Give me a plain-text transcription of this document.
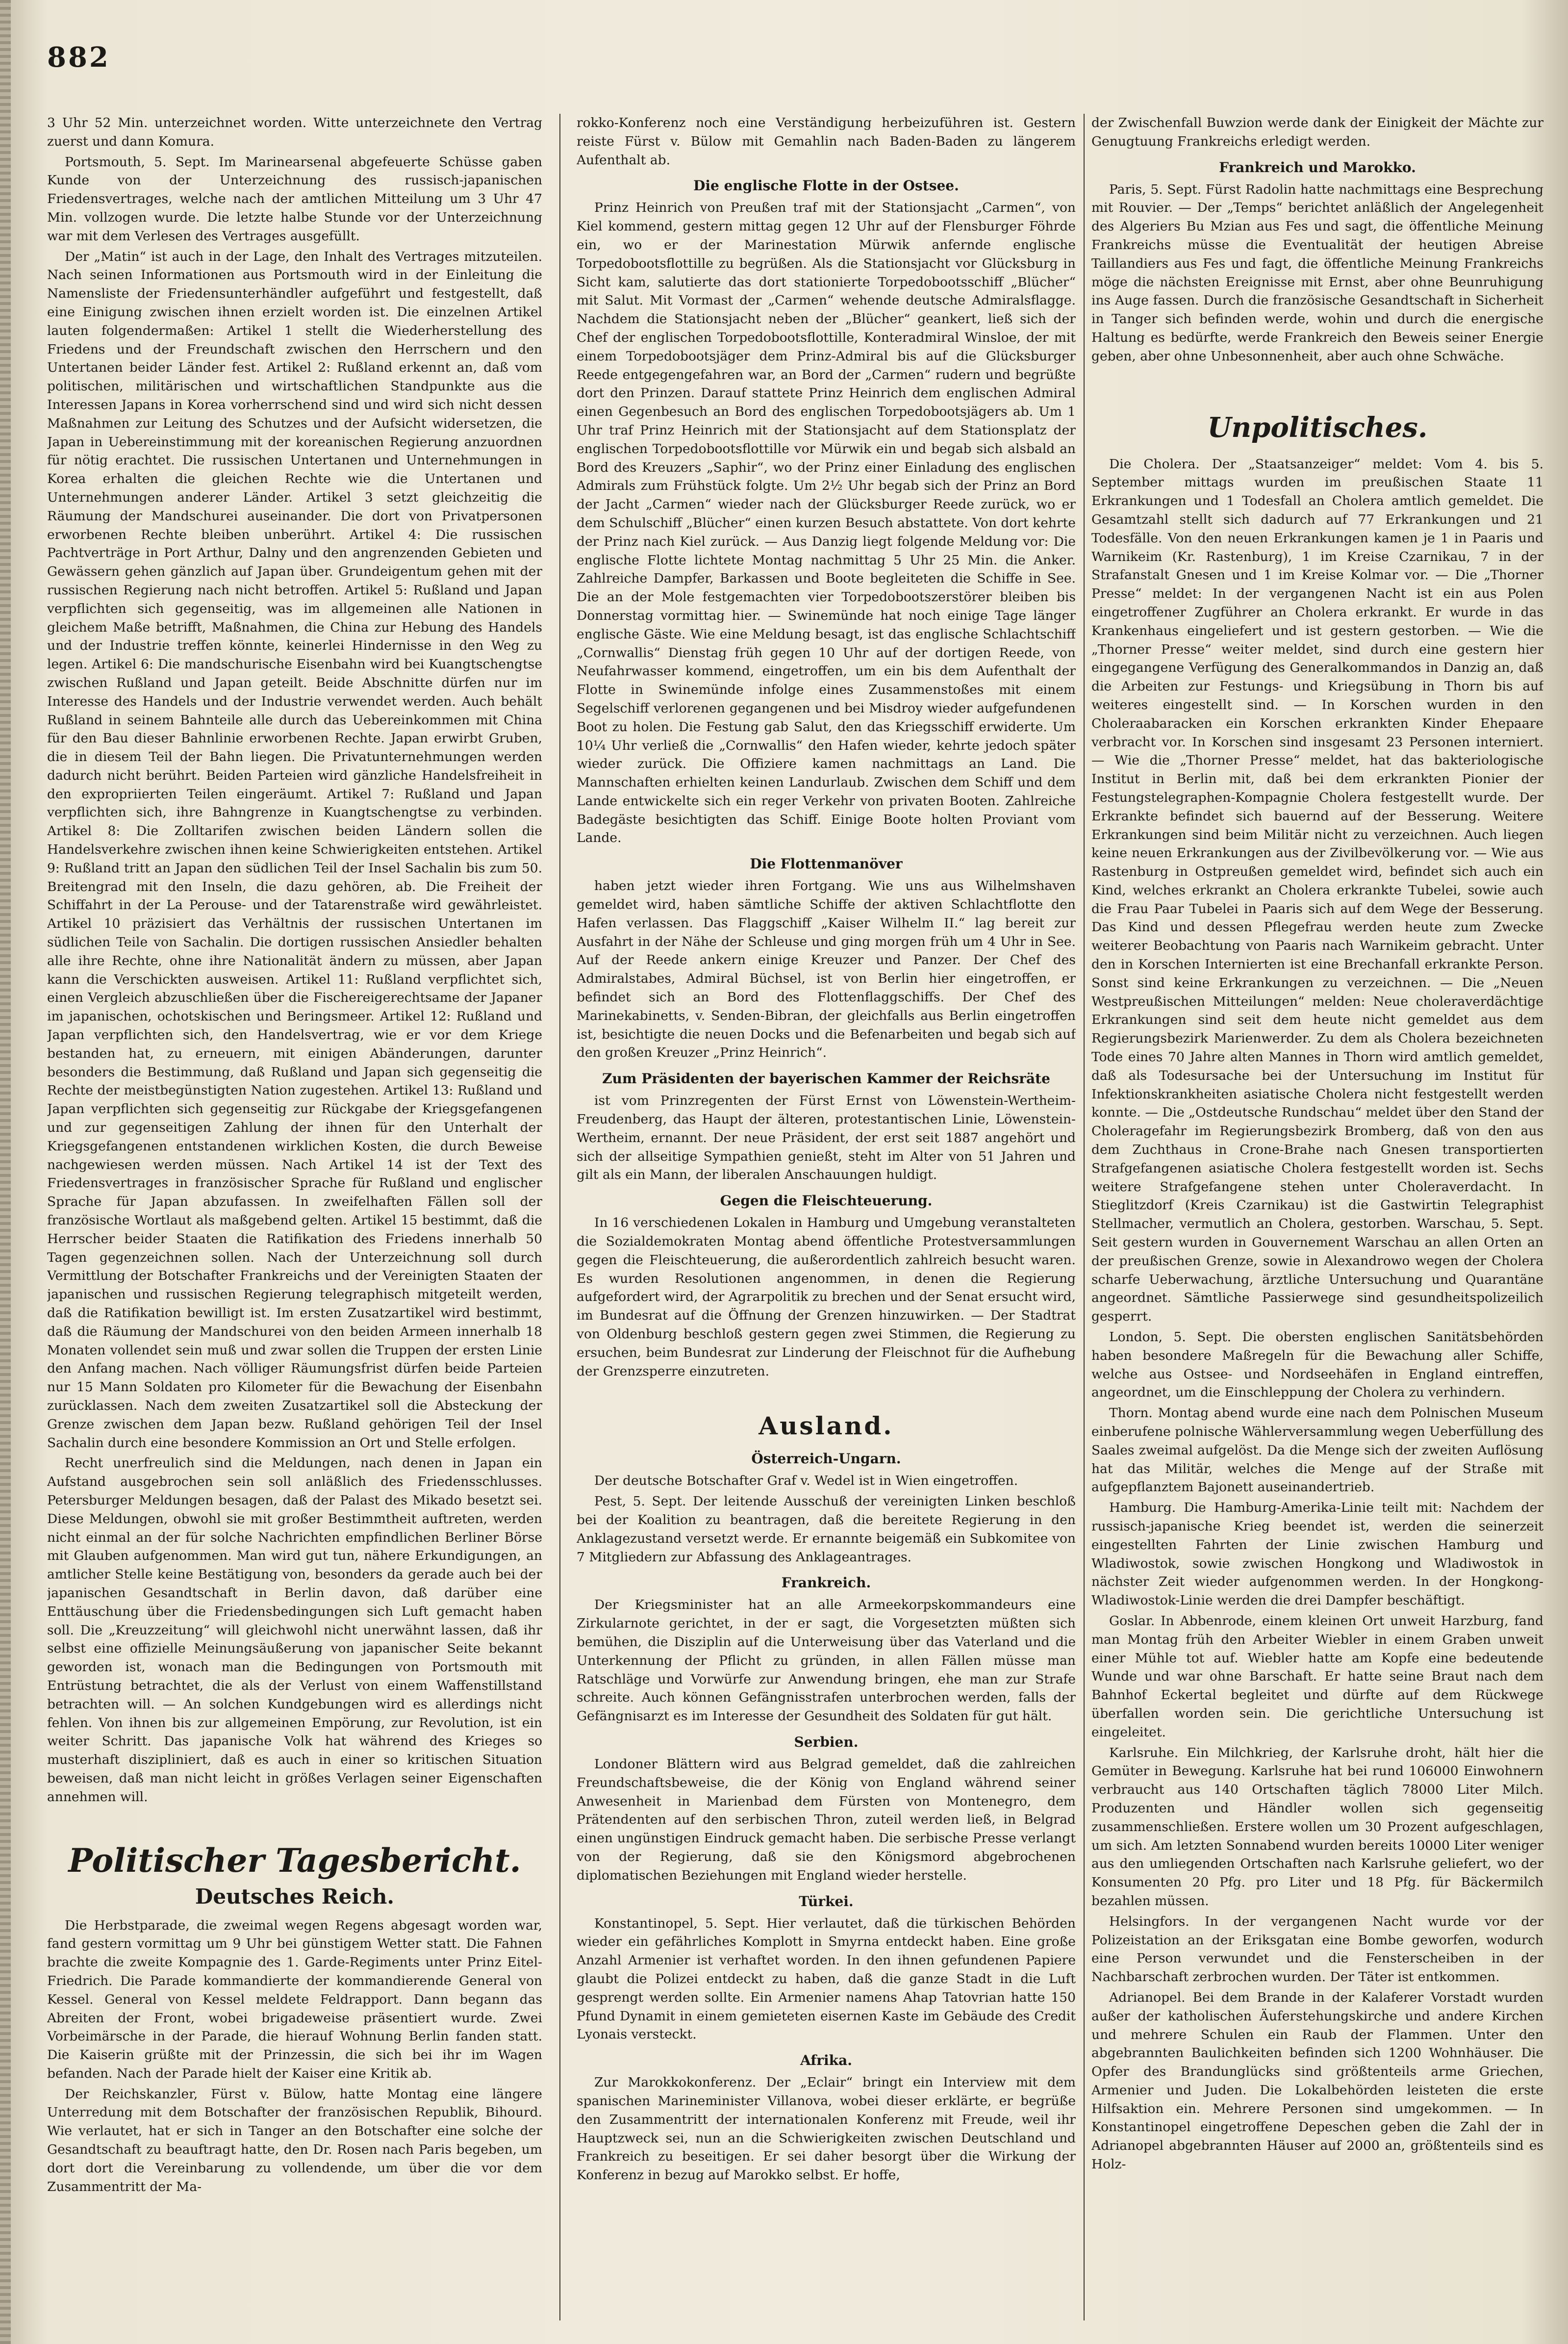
882

3 Uhr 52 Min. unterzeichnet worden. Witte unterzeichnete den Vertrag zuerst und dann Komura.

Portsmouth, 5. Sept. Im Marinearsenal abgefeuerte Schüsse gaben Kunde von der Unterzeichnung des russisch-japanischen Friedensvertrages, welche nach der amtlichen Mitteilung um 3 Uhr 47 Min. vollzogen wurde. Die letzte halbe Stunde vor der Unterzeichnung war mit dem Verlesen des Vertrages ausgefüllt.

Der „Matin“ ist auch in der Lage, den Inhalt des Vertrages mitzuteilen. Nach seinen Informationen aus Portsmouth wird in der Einleitung die Namensliste der Friedensunterhändler aufgeführt und festgestellt, daß eine Einigung zwischen ihnen erzielt worden ist. Die einzelnen Artikel lauten folgendermaßen: Artikel 1 stellt die Wiederherstellung des Friedens und der Freundschaft zwischen den Herrschern und den Untertanen beider Länder fest. Artikel 2: Rußland erkennt an, daß vom politischen, militärischen und wirtschaftlichen Standpunkte aus die Interessen Japans in Korea vorherrschend sind und wird sich nicht dessen Maßnahmen zur Leitung des Schutzes und der Aufsicht widersetzen, die Japan in Uebereinstimmung mit der koreanischen Regierung anzuordnen für nötig erachtet. Die russischen Untertanen und Unternehmungen in Korea erhalten die gleichen Rechte wie die Untertanen und Unternehmungen anderer Länder. Artikel 3 setzt gleichzeitig die Räumung der Mandschurei auseinander. Die dort von Privatpersonen erworbenen Rechte bleiben unberührt. Artikel 4: Die russischen Pachtverträge in Port Arthur, Dalny und den angrenzenden Gebieten und Gewässern gehen gänzlich auf Japan über. Grundeigentum gehen mit der russischen Regierung nach nicht betroffen. Artikel 5: Rußland und Japan verpflichten sich gegenseitig, was im allgemeinen alle Nationen in gleichem Maße betrifft, Maßnahmen, die China zur Hebung des Handels und der Industrie treffen könnte, keinerlei Hindernisse in den Weg zu legen. Artikel 6: Die mandschurische Eisenbahn wird bei Kuangtschengtse zwischen Rußland und Japan geteilt. Beide Abschnitte dürfen nur im Interesse des Handels und der Industrie verwendet werden. Auch behält Rußland in seinem Bahnteile alle durch das Uebereinkommen mit China für den Bau dieser Bahnlinie erworbenen Rechte. Japan erwirbt Gruben, die in diesem Teil der Bahn liegen. Die Privatunternehmungen werden dadurch nicht berührt. Beiden Parteien wird gänzliche Handelsfreiheit in den expropriierten Teilen eingeräumt. Artikel 7: Rußland und Japan verpflichten sich, ihre Bahngrenze in Kuangtschengtse zu verbinden. Artikel 8: Die Zolltarifen zwischen beiden Ländern sollen die Handelsverkehre zwischen ihnen keine Schwierigkeiten entstehen. Artikel 9: Rußland tritt an Japan den südlichen Teil der Insel Sachalin bis zum 50. Breitengrad mit den Inseln, die dazu gehören, ab. Die Freiheit der Schiffahrt in der La Perouse- und der Tatarenstraße wird gewährleistet. Artikel 10 präzisiert das Verhältnis der russischen Untertanen im südlichen Teile von Sachalin. Die dortigen russischen Ansiedler behalten alle ihre Rechte, ohne ihre Nationalität ändern zu müssen, aber Japan kann die Verschickten ausweisen. Artikel 11: Rußland verpflichtet sich, einen Vergleich abzuschließen über die Fischereigerechtsame der Japaner im japanischen, ochotskischen und Beringsmeer. Artikel 12: Rußland und Japan verpflichten sich, den Handelsvertrag, wie er vor dem Kriege bestanden hat, zu erneuern, mit einigen Abänderungen, darunter besonders die Bestimmung, daß Rußland und Japan sich gegenseitig die Rechte der meistbegünstigten Nation zugestehen. Artikel 13: Rußland und Japan verpflichten sich gegenseitig zur Rückgabe der Kriegsgefangenen und zur gegenseitigen Zahlung der ihnen für den Unterhalt der Kriegsgefangenen entstandenen wirklichen Kosten, die durch Beweise nachgewiesen werden müssen. Nach Artikel 14 ist der Text des Friedensvertrages in französischer Sprache für Rußland und englischer Sprache für Japan abzufassen. In zweifelhaften Fällen soll der französische Wortlaut als maßgebend gelten. Artikel 15 bestimmt, daß die Herrscher beider Staaten die Ratifikation des Friedens innerhalb 50 Tagen gegenzeichnen sollen. Nach der Unterzeichnung soll durch Vermittlung der Botschafter Frankreichs und der Vereinigten Staaten der japanischen und russischen Regierung telegraphisch mitgeteilt werden, daß die Ratifikation bewilligt ist. Im ersten Zusatzartikel wird bestimmt, daß die Räumung der Mandschurei von den beiden Armeen innerhalb 18 Monaten vollendet sein muß und zwar sollen die Truppen der ersten Linie den Anfang machen. Nach völliger Räumungsfrist dürfen beide Parteien nur 15 Mann Soldaten pro Kilometer für die Bewachung der Eisenbahn zurücklassen. Nach dem zweiten Zusatzartikel soll die Absteckung der Grenze zwischen dem Japan bezw. Rußland gehörigen Teil der Insel Sachalin durch eine besondere Kommission an Ort und Stelle erfolgen.

Recht unerfreulich sind die Meldungen, nach denen in Japan ein Aufstand ausgebrochen sein soll anläßlich des Friedensschlusses. Petersburger Meldungen besagen, daß der Palast des Mikado besetzt sei. Diese Meldungen, obwohl sie mit großer Bestimmtheit auftreten, werden nicht einmal an der für solche Nachrichten empfindlichen Berliner Börse mit Glauben aufgenommen. Man wird gut tun, nähere Erkundigungen, an amtlicher Stelle keine Bestätigung von, besonders da gerade auch bei der japanischen Gesandtschaft in Berlin davon, daß darüber eine Enttäuschung über die Friedensbedingungen sich Luft gemacht haben soll. Die „Kreuzzeitung“ will gleichwohl nicht unerwähnt lassen, daß ihr selbst eine offizielle Meinungsäußerung von japanischer Seite bekannt geworden ist, wonach man die Bedingungen von Portsmouth mit Entrüstung betrachtet, die als der Verlust von einem Waffenstillstand betrachten will. — An solchen Kundgebungen wird es allerdings nicht fehlen. Von ihnen bis zur allgemeinen Empörung, zur Revolution, ist ein weiter Schritt. Das japanische Volk hat während des Krieges so musterhaft diszipliniert, daß es auch in einer so kritischen Situation beweisen, daß man nicht leicht in größes Verlagen seiner Eigenschaften annehmen will.

Politischer Tagesbericht.
Deutsches Reich.

Die Herbstparade, die zweimal wegen Regens abgesagt worden war, fand gestern vormittag um 9 Uhr bei günstigem Wetter statt. Die Fahnen brachte die zweite Kompagnie des 1. Garde-Regiments unter Prinz Eitel-Friedrich. Die Parade kommandierte der kommandierende General von Kessel. General von Kessel meldete Feldrapport. Dann begann das Abreiten der Front, wobei brigadeweise präsentiert wurde. Zwei Vorbeimärsche in der Parade, die hierauf Wohnung Berlin fanden statt. Die Kaiserin grüßte mit der Prinzessin, die sich bei ihr im Wagen befanden. Nach der Parade hielt der Kaiser eine Kritik ab.

Der Reichskanzler, Fürst v. Bülow, hatte Montag eine längere Unterredung mit dem Botschafter der französischen Republik, Bihourd. Wie verlautet, hat er sich in Tanger an den Botschafter eine solche der Gesandtschaft zu beauftragt hatte, den Dr. Rosen nach Paris begeben, um dort dort die Vereinbarung zu vollendende, um über die vor dem Zusammentritt der Ma-

rokko-Konferenz noch eine Verständigung herbeizuführen ist. Gestern reiste Fürst v. Bülow mit Gemahlin nach Baden-Baden zu längerem Aufenthalt ab.

Die englische Flotte in der Ostsee.

Prinz Heinrich von Preußen traf mit der Stationsjacht „Carmen“, von Kiel kommend, gestern mittag gegen 12 Uhr auf der Flensburger Föhrde ein, wo er der Marinestation Mürwik anfernde englische Torpedobootsflottille zu begrüßen. Als die Stationsjacht vor Glücksburg in Sicht kam, salutierte das dort stationierte Torpedobootsschiff „Blücher“ mit Salut. Mit Vormast der „Carmen“ wehende deutsche Admiralsflagge. Nachdem die Stationsjacht neben der „Blücher“ geankert, ließ sich der Chef der englischen Torpedobootsflottille, Konteradmiral Winsloe, der mit einem Torpedobootsjäger dem Prinz-Admiral bis auf die Glücksburger Reede entgegengefahren war, an Bord der „Carmen“ rudern und begrüßte dort den Prinzen. Darauf stattete Prinz Heinrich dem englischen Admiral einen Gegenbesuch an Bord des englischen Torpedobootsjägers ab. Um 1 Uhr traf Prinz Heinrich mit der Stationsjacht auf dem Stationsplatz der englischen Torpedobootsflottille vor Mürwik ein und begab sich alsbald an Bord des Kreuzers „Saphir“, wo der Prinz einer Einladung des englischen Admirals zum Frühstück folgte. Um 2½ Uhr begab sich der Prinz an Bord der Jacht „Carmen“ wieder nach der Glücksburger Reede zurück, wo er dem Schulschiff „Blücher“ einen kurzen Besuch abstattete. Von dort kehrte der Prinz nach Kiel zurück. — Aus Danzig liegt folgende Meldung vor: Die englische Flotte lichtete Montag nachmittag 5 Uhr 25 Min. die Anker. Zahlreiche Dampfer, Barkassen und Boote begleiteten die Schiffe in See. Die an der Mole festgemachten vier Torpedobootszerstörer bleiben bis Donnerstag vormittag hier. — Swinemünde hat noch einige Tage länger englische Gäste. Wie eine Meldung besagt, ist das englische Schlachtschiff „Cornwallis“ Dienstag früh gegen 10 Uhr auf der dortigen Reede, von Neufahrwasser kommend, eingetroffen, um ein bis dem Aufenthalt der Flotte in Swinemünde infolge eines Zusammenstoßes mit einem Segelschiff verlorenen gegangenen und bei Misdroy wieder aufgefundenen Boot zu holen. Die Festung gab Salut, den das Kriegsschiff erwiderte. Um 10¼ Uhr verließ die „Cornwallis“ den Hafen wieder, kehrte jedoch später wieder zurück. Die Offiziere kamen nachmittags an Land. Die Mannschaften erhielten keinen Landurlaub. Zwischen dem Schiff und dem Lande entwickelte sich ein reger Verkehr von privaten Booten. Zahlreiche Badegäste besichtigten das Schiff. Einige Boote holten Proviant vom Lande.

Die Flottenmanöver

haben jetzt wieder ihren Fortgang. Wie uns aus Wilhelmshaven gemeldet wird, haben sämtliche Schiffe der aktiven Schlachtflotte den Hafen verlassen. Das Flaggschiff „Kaiser Wilhelm II.“ lag bereit zur Ausfahrt in der Nähe der Schleuse und ging morgen früh um 4 Uhr in See. Auf der Reede ankern einige Kreuzer und Panzer. Der Chef des Admiralstabes, Admiral Büchsel, ist von Berlin hier eingetroffen, er befindet sich an Bord des Flottenflaggschiffs. Der Chef des Marinekabinetts, v. Senden-Bibran, der gleichfalls aus Berlin eingetroffen ist, besichtigte die neuen Docks und die Befenarbeiten und begab sich auf den großen Kreuzer „Prinz Heinrich“.

Zum Präsidenten der bayerischen Kammer der Reichsräte

ist vom Prinzregenten der Fürst Ernst von Löwenstein-Wertheim-Freudenberg, das Haupt der älteren, protestantischen Linie, Löwenstein-Wertheim, ernannt. Der neue Präsident, der erst seit 1887 angehört und sich der allseitige Sympathien genießt, steht im Alter von 51 Jahren und gilt als ein Mann, der liberalen Anschauungen huldigt.

Gegen die Fleischteuerung.

In 16 verschiedenen Lokalen in Hamburg und Umgebung veranstalteten die Sozialdemokraten Montag abend öffentliche Protestversammlungen gegen die Fleischteuerung, die außerordentlich zahlreich besucht waren. Es wurden Resolutionen angenommen, in denen die Regierung aufgefordert wird, der Agrarpolitik zu brechen und der Senat ersucht wird, im Bundesrat auf die Öffnung der Grenzen hinzuwirken. — Der Stadtrat von Oldenburg beschloß gestern gegen zwei Stimmen, die Regierung zu ersuchen, beim Bundesrat zur Linderung der Fleischnot für die Aufhebung der Grenzsperre einzutreten.

Ausland.
Österreich-Ungarn.

Der deutsche Botschafter Graf v. Wedel ist in Wien eingetroffen.

Pest, 5. Sept. Der leitende Ausschuß der vereinigten Linken beschloß bei der Koalition zu beantragen, daß die bereitete Regierung in den Anklagezustand versetzt werde. Er ernannte beigemäß ein Subkomitee von 7 Mitgliedern zur Abfassung des Anklageantrages.

Frankreich.

Der Kriegsminister hat an alle Armeekorpskommandeurs eine Zirkularnote gerichtet, in der er sagt, die Vorgesetzten müßten sich bemühen, die Disziplin auf die Unterweisung über das Vaterland und die Unterkennung der Pflicht zu gründen, in allen Fällen müsse man Ratschläge und Vorwürfe zur Anwendung bringen, ehe man zur Strafe schreite. Auch können Gefängnisstrafen unterbrochen werden, falls der Gefängnisarzt es im Interesse der Gesundheit des Soldaten für gut hält.

Serbien.

Londoner Blättern wird aus Belgrad gemeldet, daß die zahlreichen Freundschaftsbeweise, die der König von England während seiner Anwesenheit in Marienbad dem Fürsten von Montenegro, dem Prätendenten auf den serbischen Thron, zuteil werden ließ, in Belgrad einen ungünstigen Eindruck gemacht haben. Die serbische Presse verlangt von der Regierung, daß sie den Königsmord abgebrochenen diplomatischen Beziehungen mit England wieder herstelle.

Türkei.

Konstantinopel, 5. Sept. Hier verlautet, daß die türkischen Behörden wieder ein gefährliches Komplott in Smyrna entdeckt haben. Eine große Anzahl Armenier ist verhaftet worden. In den ihnen gefundenen Papiere glaubt die Polizei entdeckt zu haben, daß die ganze Stadt in die Luft gesprengt werden sollte. Ein Armenier namens Ahap Tatovrian hatte 150 Pfund Dynamit in einem gemieteten eisernen Kaste im Gebäude des Credit Lyonais versteckt.

Afrika.

Zur Marokkokonferenz. Der „Eclair“ bringt ein Interview mit dem spanischen Marineminister Villanova, wobei dieser erklärte, er begrüße den Zusammentritt der internationalen Konferenz mit Freude, weil ihr Hauptzweck sei, nun an die Schwierigkeiten zwischen Deutschland und Frankreich zu beseitigen. Er sei daher besorgt über die Wirkung der Konferenz in bezug auf Marokko selbst. Er hoffe,

der Zwischenfall Buwzion werde dank der Einigkeit der Mächte zur Genugtuung Frankreichs erledigt werden.

Frankreich und Marokko.

Paris, 5. Sept. Fürst Radolin hatte nachmittags eine Besprechung mit Rouvier. — Der „Temps“ berichtet anläßlich der Angelegenheit des Algeriers Bu Mzian aus Fes und sagt, die öffentliche Meinung Frankreichs müsse die Eventualität der heutigen Abreise Taillandiers aus Fes und fagt, die öffentliche Meinung Frankreichs möge die nächsten Ereignisse mit Ernst, aber ohne Beunruhigung ins Auge fassen. Durch die französische Gesandtschaft in Sicherheit in Tanger sich befinden werde, wohin und durch die energische Haltung es bedürfte, werde Frankreich den Beweis seiner Energie geben, aber ohne Unbesonnenheit, aber auch ohne Schwäche.

Unpolitisches.

Die Cholera. Der „Staatsanzeiger“ meldet: Vom 4. bis 5. September mittags wurden im preußischen Staate 11 Erkrankungen und 1 Todesfall an Cholera amtlich gemeldet. Die Gesamtzahl stellt sich dadurch auf 77 Erkrankungen und 21 Todesfälle. Von den neuen Erkrankungen kamen je 1 in Paaris und Warnikeim (Kr. Rastenburg), 1 im Kreise Czarnikau, 7 in der Strafanstalt Gnesen und 1 im Kreise Kolmar vor. — Die „Thorner Presse“ meldet: In der vergangenen Nacht ist ein aus Polen eingetroffener Zugführer an Cholera erkrankt. Er wurde in das Krankenhaus eingeliefert und ist gestern gestorben. — Wie die „Thorner Presse“ weiter meldet, sind durch eine gestern hier eingegangene Verfügung des Generalkommandos in Danzig an, daß die Arbeiten zur Festungs- und Kriegsübung in Thorn bis auf weiteres eingestellt sind. — In Korschen wurden in den Choleraabaracken ein Korschen erkrankten Kinder Ehepaare verbracht vor. In Korschen sind insgesamt 23 Personen interniert. — Wie die „Thorner Presse“ meldet, hat das bakteriologische Institut in Berlin mit, daß bei dem erkrankten Pionier der Festungstelegraphen-Kompagnie Cholera festgestellt wurde. Der Erkrankte befindet sich bauernd auf der Besserung. Weitere Erkrankungen sind beim Militär nicht zu verzeichnen. Auch liegen keine neuen Erkrankungen aus der Zivilbevölkerung vor. — Wie aus Rastenburg in Ostpreußen gemeldet wird, befindet sich auch ein Kind, welches erkrankt an Cholera erkrankte Tubelei, sowie auch die Frau Paar Tubelei in Paaris sich auf dem Wege der Besserung. Das Kind und dessen Pflegefrau werden heute zum Zwecke weiterer Beobachtung von Paaris nach Warnikeim gebracht. Unter den in Korschen Internierten ist eine Brechanfall erkrankte Person. Sonst sind keine Erkrankungen zu verzeichnen. — Die „Neuen Westpreußischen Mitteilungen“ melden: Neue choleraverdächtige Erkrankungen sind seit dem heute nicht gemeldet aus dem Regierungsbezirk Marienwerder. Zu dem als Cholera bezeichneten Tode eines 70 Jahre alten Mannes in Thorn wird amtlich gemeldet, daß als Todesursache bei der Untersuchung im Institut für Infektionskrankheiten asiatische Cholera nicht festgestellt werden konnte. — Die „Ostdeutsche Rundschau“ meldet über den Stand der Choleragefahr im Regierungsbezirk Bromberg, daß von den aus dem Zuchthaus in Crone-Brahe nach Gnesen transportierten Strafgefangenen asiatische Cholera festgestellt worden ist. Sechs weitere Strafgefangene stehen unter Choleraverdacht. In Stieglitzdorf (Kreis Czarnikau) ist die Gastwirtin Telegraphist Stellmacher, vermutlich an Cholera, gestorben. Warschau, 5. Sept. Seit gestern wurden in Gouvernement Warschau an allen Orten an der preußischen Grenze, sowie in Alexandrowo wegen der Cholera scharfe Ueberwachung, ärztliche Untersuchung und Quarantäne angeordnet. Sämtliche Passierwege sind gesundheitspolizeilich gesperrt.

London, 5. Sept. Die obersten englischen Sanitätsbehörden haben besondere Maßregeln für die Bewachung aller Schiffe, welche aus Ostsee- und Nordseehäfen in England eintreffen, angeordnet, um die Einschleppung der Cholera zu verhindern.

Thorn. Montag abend wurde eine nach dem Polnischen Museum einberufene polnische Wählerversammlung wegen Ueberfüllung des Saales zweimal aufgelöst. Da die Menge sich der zweiten Auflösung hat das Militär, welches die Menge auf der Straße mit aufgepflanztem Bajonett auseinandertrieb.

Hamburg. Die Hamburg-Amerika-Linie teilt mit: Nachdem der russisch-japanische Krieg beendet ist, werden die seinerzeit eingestellten Fahrten der Linie zwischen Hamburg und Wladiwostok, sowie zwischen Hongkong und Wladiwostok in nächster Zeit wieder aufgenommen werden. In der Hongkong-Wladiwostok-Linie werden die drei Dampfer beschäftigt.

Goslar. In Abbenrode, einem kleinen Ort unweit Harzburg, fand man Montag früh den Arbeiter Wiebler in einem Graben unweit einer Mühle tot auf. Wiebler hatte am Kopfe eine bedeutende Wunde und war ohne Barschaft. Er hatte seine Braut nach dem Bahnhof Eckertal begleitet und dürfte auf dem Rückwege überfallen worden sein. Die gerichtliche Untersuchung ist eingeleitet.

Karlsruhe. Ein Milchkrieg, der Karlsruhe droht, hält hier die Gemüter in Bewegung. Karlsruhe hat bei rund 106000 Einwohnern verbraucht aus 140 Ortschaften täglich 78000 Liter Milch. Produzenten und Händler wollen sich gegenseitig zusammenschließen. Erstere wollen um 30 Prozent aufgeschlagen, um sich. Am letzten Sonnabend wurden bereits 10000 Liter weniger aus den umliegenden Ortschaften nach Karlsruhe geliefert, wo der Konsumenten 20 Pfg. pro Liter und 18 Pfg. für Bäckermilch bezahlen müssen.

Helsingfors. In der vergangenen Nacht wurde vor der Polizeistation an der Eriksgatan eine Bombe geworfen, wodurch eine Person verwundet und die Fensterscheiben in der Nachbarschaft zerbrochen wurden. Der Täter ist entkommen.

Adrianopel. Bei dem Brande in der Kalaferer Vorstadt wurden außer der katholischen Äuferstehungskirche und andere Kirchen und mehrere Schulen ein Raub der Flammen. Unter den abgebrannten Baulichkeiten befinden sich 1200 Wohnhäuser. Die Opfer des Brandunglücks sind größtenteils arme Griechen, Armenier und Juden. Die Lokalbehörden leisteten die erste Hilfsaktion ein. Mehrere Personen sind umgekommen. — In Konstantinopel eingetroffene Depeschen geben die Zahl der in Adrianopel abgebrannten Häuser auf 2000 an, größtenteils sind es Holz-
